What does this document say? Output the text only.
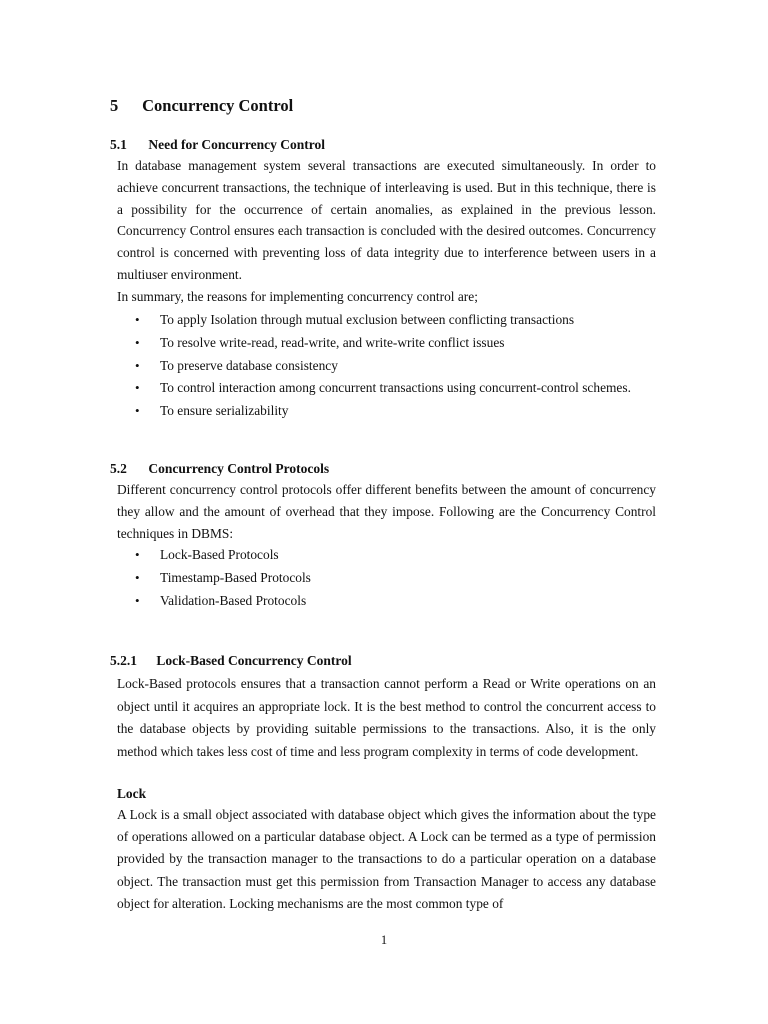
5 Concurrency Control
5.1 Need for Concurrency Control

In database management system several transactions are executed simultaneously. In order to achieve concurrent transactions, the technique of interleaving is used. But in this technique, there is a possibility for the occurrence of certain anomalies, as explained in the previous lesson. Concurrency Control ensures each transaction is concluded with the desired outcomes. Concurrency control is concerned with preventing loss of data integrity due to interference between users in a multiuser environment.

In summary, the reasons for implementing concurrency control are;

• To apply Isolation through mutual exclusion between conflicting transactions
• To resolve write-read, read-write, and write-write conflict issues
• To preserve database consistency
• To control interaction among concurrent transactions using concurrent-control schemes.
• To ensure serializability
5.2 Concurrency Control Protocols

Different concurrency control protocols offer different benefits between the amount of concurrency they allow and the amount of overhead that they impose. Following are the Concurrency Control techniques in DBMS:

• Lock-Based Protocols
• Timestamp-Based Protocols
• Validation-Based Protocols
5.2.1 Lock-Based Concurrency Control

Lock-Based protocols ensures that a transaction cannot perform a Read or Write operations on an object until it acquires an appropriate lock. It is the best method to control the concurrent access to the database objects by providing suitable permissions to the transactions. Also, it is the only method which takes less cost of time and less program complexity in terms of code development.

Lock

A Lock is a small object associated with database object which gives the information about the type of operations allowed on a particular database object. A Lock can be termed as a type of permission provided by the transaction manager to the transactions to do a particular operation on a database object. The transaction must get this permission from Transaction Manager to access any database object for alteration. Locking mechanisms are the most common type of

1
